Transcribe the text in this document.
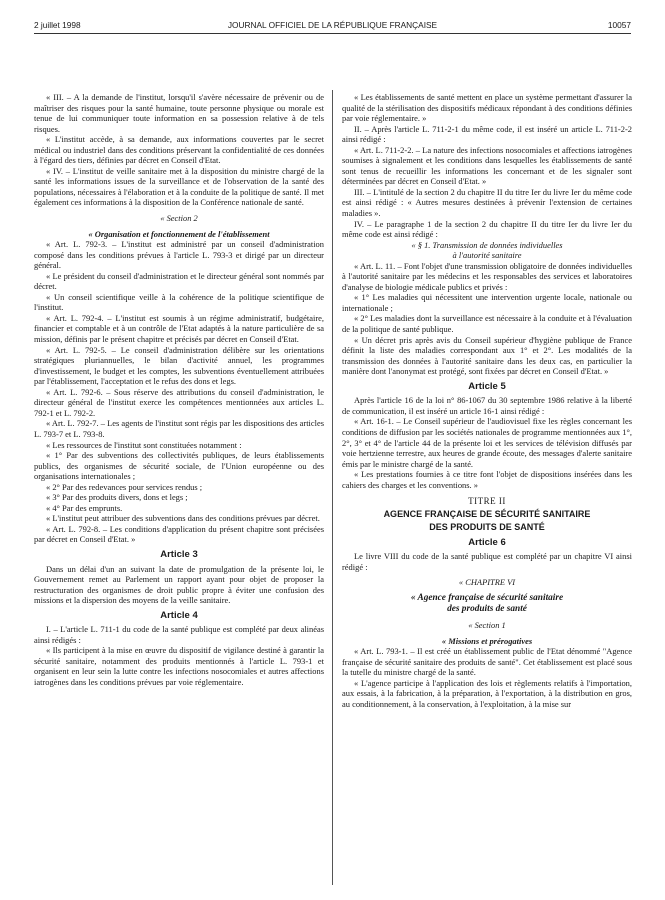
2 juillet 1998	JOURNAL OFFICIEL DE LA RÉPUBLIQUE FRANÇAISE	10057

« III. – A la demande de l'institut, lorsqu'il s'avère nécessaire de prévenir ou de maîtriser des risques pour la santé humaine, toute personne physique ou morale est tenue de lui communiquer toute information en sa possession relative à de tels risques.

« L'institut accède, à sa demande, aux informations couvertes par le secret médical ou industriel dans des conditions préservant la confidentialité de ces données à l'égard des tiers, définies par décret en Conseil d'Etat.

« IV. – L'institut de veille sanitaire met à la disposition du ministre chargé de la santé les informations issues de la surveillance et de l'observation de la santé des populations, nécessaires à l'élaboration et à la conduite de la politique de santé. Il met également ces informations à la disposition de la Conférence nationale de santé.

« Section 2

« Organisation et fonctionnement de l'établissement

« Art. L. 792-3. – L'institut est administré par un conseil d'administration composé dans les conditions prévues à l'article L. 793-3 et dirigé par un directeur général.

« Le président du conseil d'administration et le directeur général sont nommés par décret.

« Un conseil scientifique veille à la cohérence de la politique scientifique de l'institut.

« Art. L. 792-4. – L'institut est soumis à un régime administratif, budgétaire, financier et comptable et à un contrôle de l'Etat adaptés à la nature particulière de sa mission, définis par le présent chapitre et précisés par décret en Conseil d'Etat.

« Art. L. 792-5. – Le conseil d'administration délibère sur les orientations stratégiques pluriannuelles, le bilan d'activité annuel, les programmes d'investissement, le budget et les comptes, les subventions éventuellement attribuées par l'établissement, l'acceptation et le refus des dons et legs.

« Art. L. 792-6. – Sous réserve des attributions du conseil d'administration, le directeur général de l'institut exerce les compétences mentionnées aux articles L. 792-1 et L. 792-2.

« Art. L. 792-7. – Les agents de l'institut sont régis par les dispositions des articles L. 793-7 et L. 793-8.

« Les ressources de l'institut sont constituées notamment :

« 1° Par des subventions des collectivités publiques, de leurs établissements publics, des organismes de sécurité sociale, de l'Union européenne ou des organisations internationales ;

« 2° Par des redevances pour services rendus ;

« 3° Par des produits divers, dons et legs ;

« 4° Par des emprunts.

« L'institut peut attribuer des subventions dans des conditions prévues par décret.

« Art. L. 792-8. – Les conditions d'application du présent chapitre sont précisées par décret en Conseil d'Etat. »

Article 3

Dans un délai d'un an suivant la date de promulgation de la présente loi, le Gouvernement remet au Parlement un rapport ayant pour objet de proposer la restructuration des organismes de droit public propre à éviter une confusion des missions et la dispersion des moyens de la veille sanitaire.

Article 4

I. – L'article L. 711-1 du code de la santé publique est complété par deux alinéas ainsi rédigés :

« Ils participent à la mise en œuvre du dispositif de vigilance destiné à garantir la sécurité sanitaire, notamment des produits mentionnés à l'article L. 793-1 et organisent en leur sein la lutte contre les infections nosocomiales et autres affections iatrogènes dans les conditions prévues par voie réglementaire.

« Les établissements de santé mettent en place un système permettant d'assurer la qualité de la stérilisation des dispositifs médicaux répondant à des conditions définies par voie réglementaire. »

II. – Après l'article L. 711-2-1 du même code, il est inséré un article L. 711-2-2 ainsi rédigé :

« Art. L. 711-2-2. – La nature des infections nosocomiales et affections iatrogènes soumises à signalement et les conditions dans lesquelles les établissements de santé sont tenus de recueillir les informations les concernant et de les signaler sont déterminées par décret en Conseil d'Etat. »

III. – L'intitulé de la section 2 du chapitre II du titre Ier du livre Ier du même code est ainsi rédigé : « Autres mesures destinées à prévenir l'extension de certaines maladies ».

IV. – Le paragraphe 1 de la section 2 du chapitre II du titre Ier du livre Ier du même code est ainsi rédigé :

« § 1. Transmission de données individuelles

à l'autorité sanitaire

« Art. L. 11. – Font l'objet d'une transmission obligatoire de données individuelles à l'autorité sanitaire par les médecins et les responsables des services et laboratoires d'analyse de biologie médicale publics et privés :

« 1° Les maladies qui nécessitent une intervention urgente locale, nationale ou internationale ;

« 2° Les maladies dont la surveillance est nécessaire à la conduite et à l'évaluation de la politique de santé publique.

« Un décret pris après avis du Conseil supérieur d'hygiène publique de France définit la liste des maladies correspondant aux 1° et 2°. Les modalités de la transmission des données à l'autorité sanitaire dans les deux cas, en particulier la manière dont l'anonymat est protégé, sont fixées par décret en Conseil d'Etat. »

Article 5

Après l'article 16 de la loi n° 86-1067 du 30 septembre 1986 relative à la liberté de communication, il est inséré un article 16-1 ainsi rédigé :

« Art. 16-1. – Le Conseil supérieur de l'audiovisuel fixe les règles concernant les conditions de diffusion par les sociétés nationales de programme mentionnées aux 1°, 2°, 3° et 4° de l'article 44 de la présente loi et les services de télévision diffusés par voie hertzienne terrestre, aux heures de grande écoute, des messages d'alerte sanitaire émis par le ministre chargé de la santé.

« Les prestations fournies à ce titre font l'objet de dispositions insérées dans les cahiers des charges et les conventions. »

TITRE II

AGENCE FRANÇAISE DE SÉCURITÉ SANITAIRE

DES PRODUITS DE SANTÉ

Article 6

Le livre VIII du code de la santé publique est complété par un chapitre VI ainsi rédigé :

« CHAPITRE VI

« Agence française de sécurité sanitaire

des produits de santé

« Section 1

« Missions et prérogatives

« Art. L. 793-1. – Il est créé un établissement public de l'Etat dénommé "Agence française de sécurité sanitaire des produits de santé". Cet établissement est placé sous la tutelle du ministre chargé de la santé.

« L'agence participe à l'application des lois et règlements relatifs à l'importation, aux essais, à la fabrication, à la préparation, à l'exportation, à la distribution en gros, au conditionnement, à la conservation, à l'exploitation, à la mise sur
